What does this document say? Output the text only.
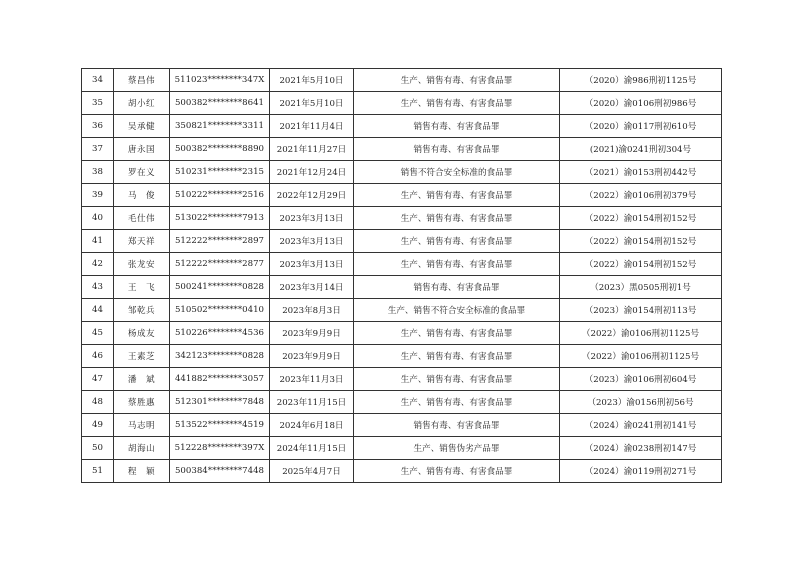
34	蔡昌伟	511023********347X	2021年5月10日	生产、销售有毒、有害食品罪	（2020）渝986刑初1125号
35	胡小红	500382********8641	2021年5月10日	生产、销售有毒、有害食品罪	（2020）渝0106刑初986号
36	吴承健	350821********3311	2021年11月4日	销售有毒、有害食品罪	（2020）渝0117刑初610号
37	唐永国	500382********8890	2021年11月27日	销售有毒、有害食品罪	(2021)渝0241刑初304号
38	罗在义	510231********2315	2021年12月24日	销售不符合安全标准的食品罪	（2021）渝0153刑初442号
39	马　俊	510222********2516	2022年12月29日	生产、销售有毒、有害食品罪	（2022）渝0106刑初379号
40	毛仕伟	513022********7913	2023年3月13日	生产、销售有毒、有害食品罪	（2022）渝0154刑初152号
41	郑天祥	512222********2897	2023年3月13日	生产、销售有毒、有害食品罪	（2022）渝0154刑初152号
42	张龙安	512222********2877	2023年3月13日	生产、销售有毒、有害食品罪	（2022）渝0154刑初152号
43	王　飞	500241********0828	2023年3月14日	销售有毒、有害食品罪	（2023）黑0505刑初1号
44	邹乾兵	510502********0410	2023年8月3日	生产、销售不符合安全标准的食品罪	（2023）渝0154刑初113号
45	杨成友	510226********4536	2023年9月9日	生产、销售有毒、有害食品罪	（2022）渝0106刑初1125号
46	王素芝	342123********0828	2023年9月9日	生产、销售有毒、有害食品罪	（2022）渝0106刑初1125号
47	潘　斌	441882********3057	2023年11月3日	生产、销售有毒、有害食品罪	（2023）渝0106刑初604号
48	蔡胜惠	512301********7848	2023年11月15日	生产、销售有毒、有害食品罪	（2023）渝0156刑初56号
49	马志明	513522********4519	2024年6月18日	销售有毒、有害食品罪	（2024）渝0241刑初141号
50	胡海山	512228********397X	2024年11月15日	生产、销售伪劣产品罪	（2024）渝0238刑初147号
51	程　颖	500384********7448	2025年4月7日	生产、销售有毒、有害食品罪	（2024）渝0119刑初271号
